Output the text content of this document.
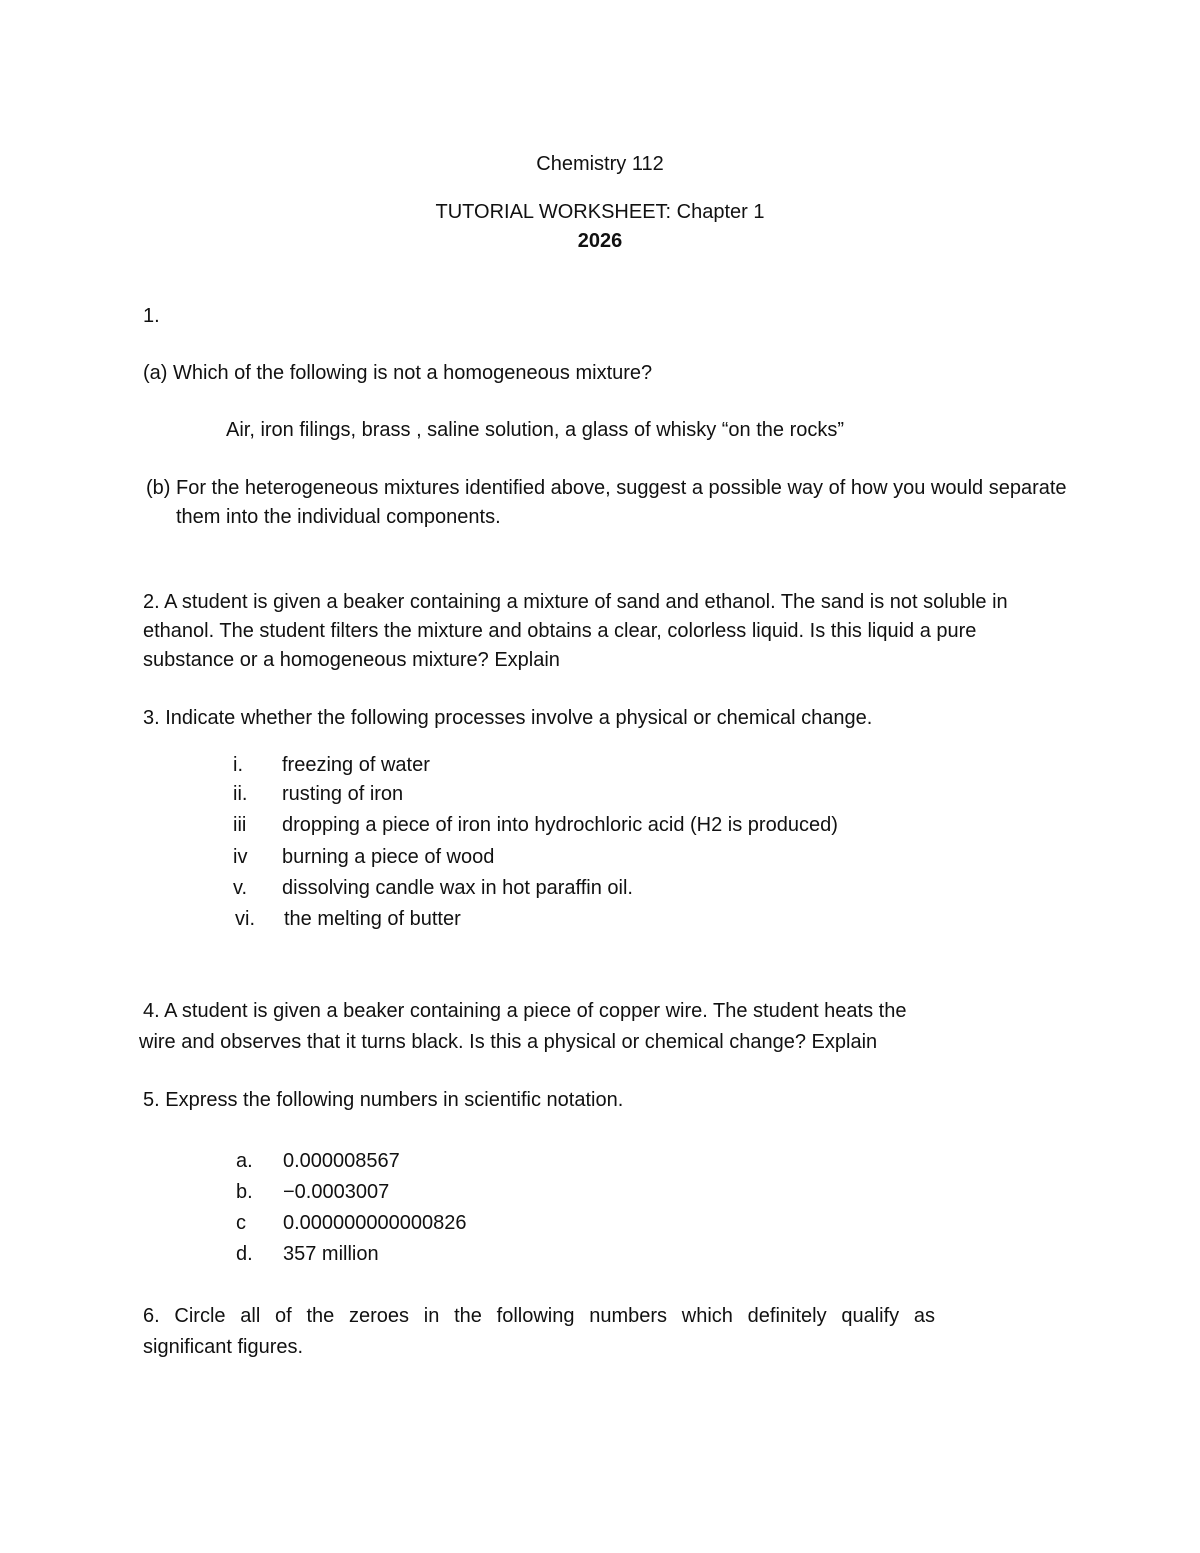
Chemistry 112
TUTORIAL WORKSHEET: Chapter 1
2026
1.
(a) Which of the following is not a homogeneous mixture?
Air, iron filings, brass , saline solution, a glass of whisky “on the rocks”
(b) For the heterogeneous mixtures identified above, suggest a possible way of how you would separate them into the individual components.
2. A student is given a beaker containing a mixture of sand and ethanol. The sand is not soluble in ethanol. The student filters the mixture and obtains a clear, colorless liquid. Is this liquid a pure substance or a homogeneous mixture? Explain
3. Indicate whether the following processes involve a physical or chemical change.
i. freezing of water
ii. rusting of iron
iii dropping a piece of iron into hydrochloric acid (H2 is produced)
iv burning a piece of wood
v. dissolving candle wax in hot paraffin oil.
vi. the melting of butter
4. A student is given a beaker containing a piece of copper wire. The student heats the
wire and observes that it turns black. Is this a physical or chemical change? Explain
5. Express the following numbers in scientific notation.
a. 0.000008567
b. −0.0003007
c 0.000000000000826
d. 357 million
6. Circle all of the zeroes in the following numbers which definitely qualify as
significant figures.
